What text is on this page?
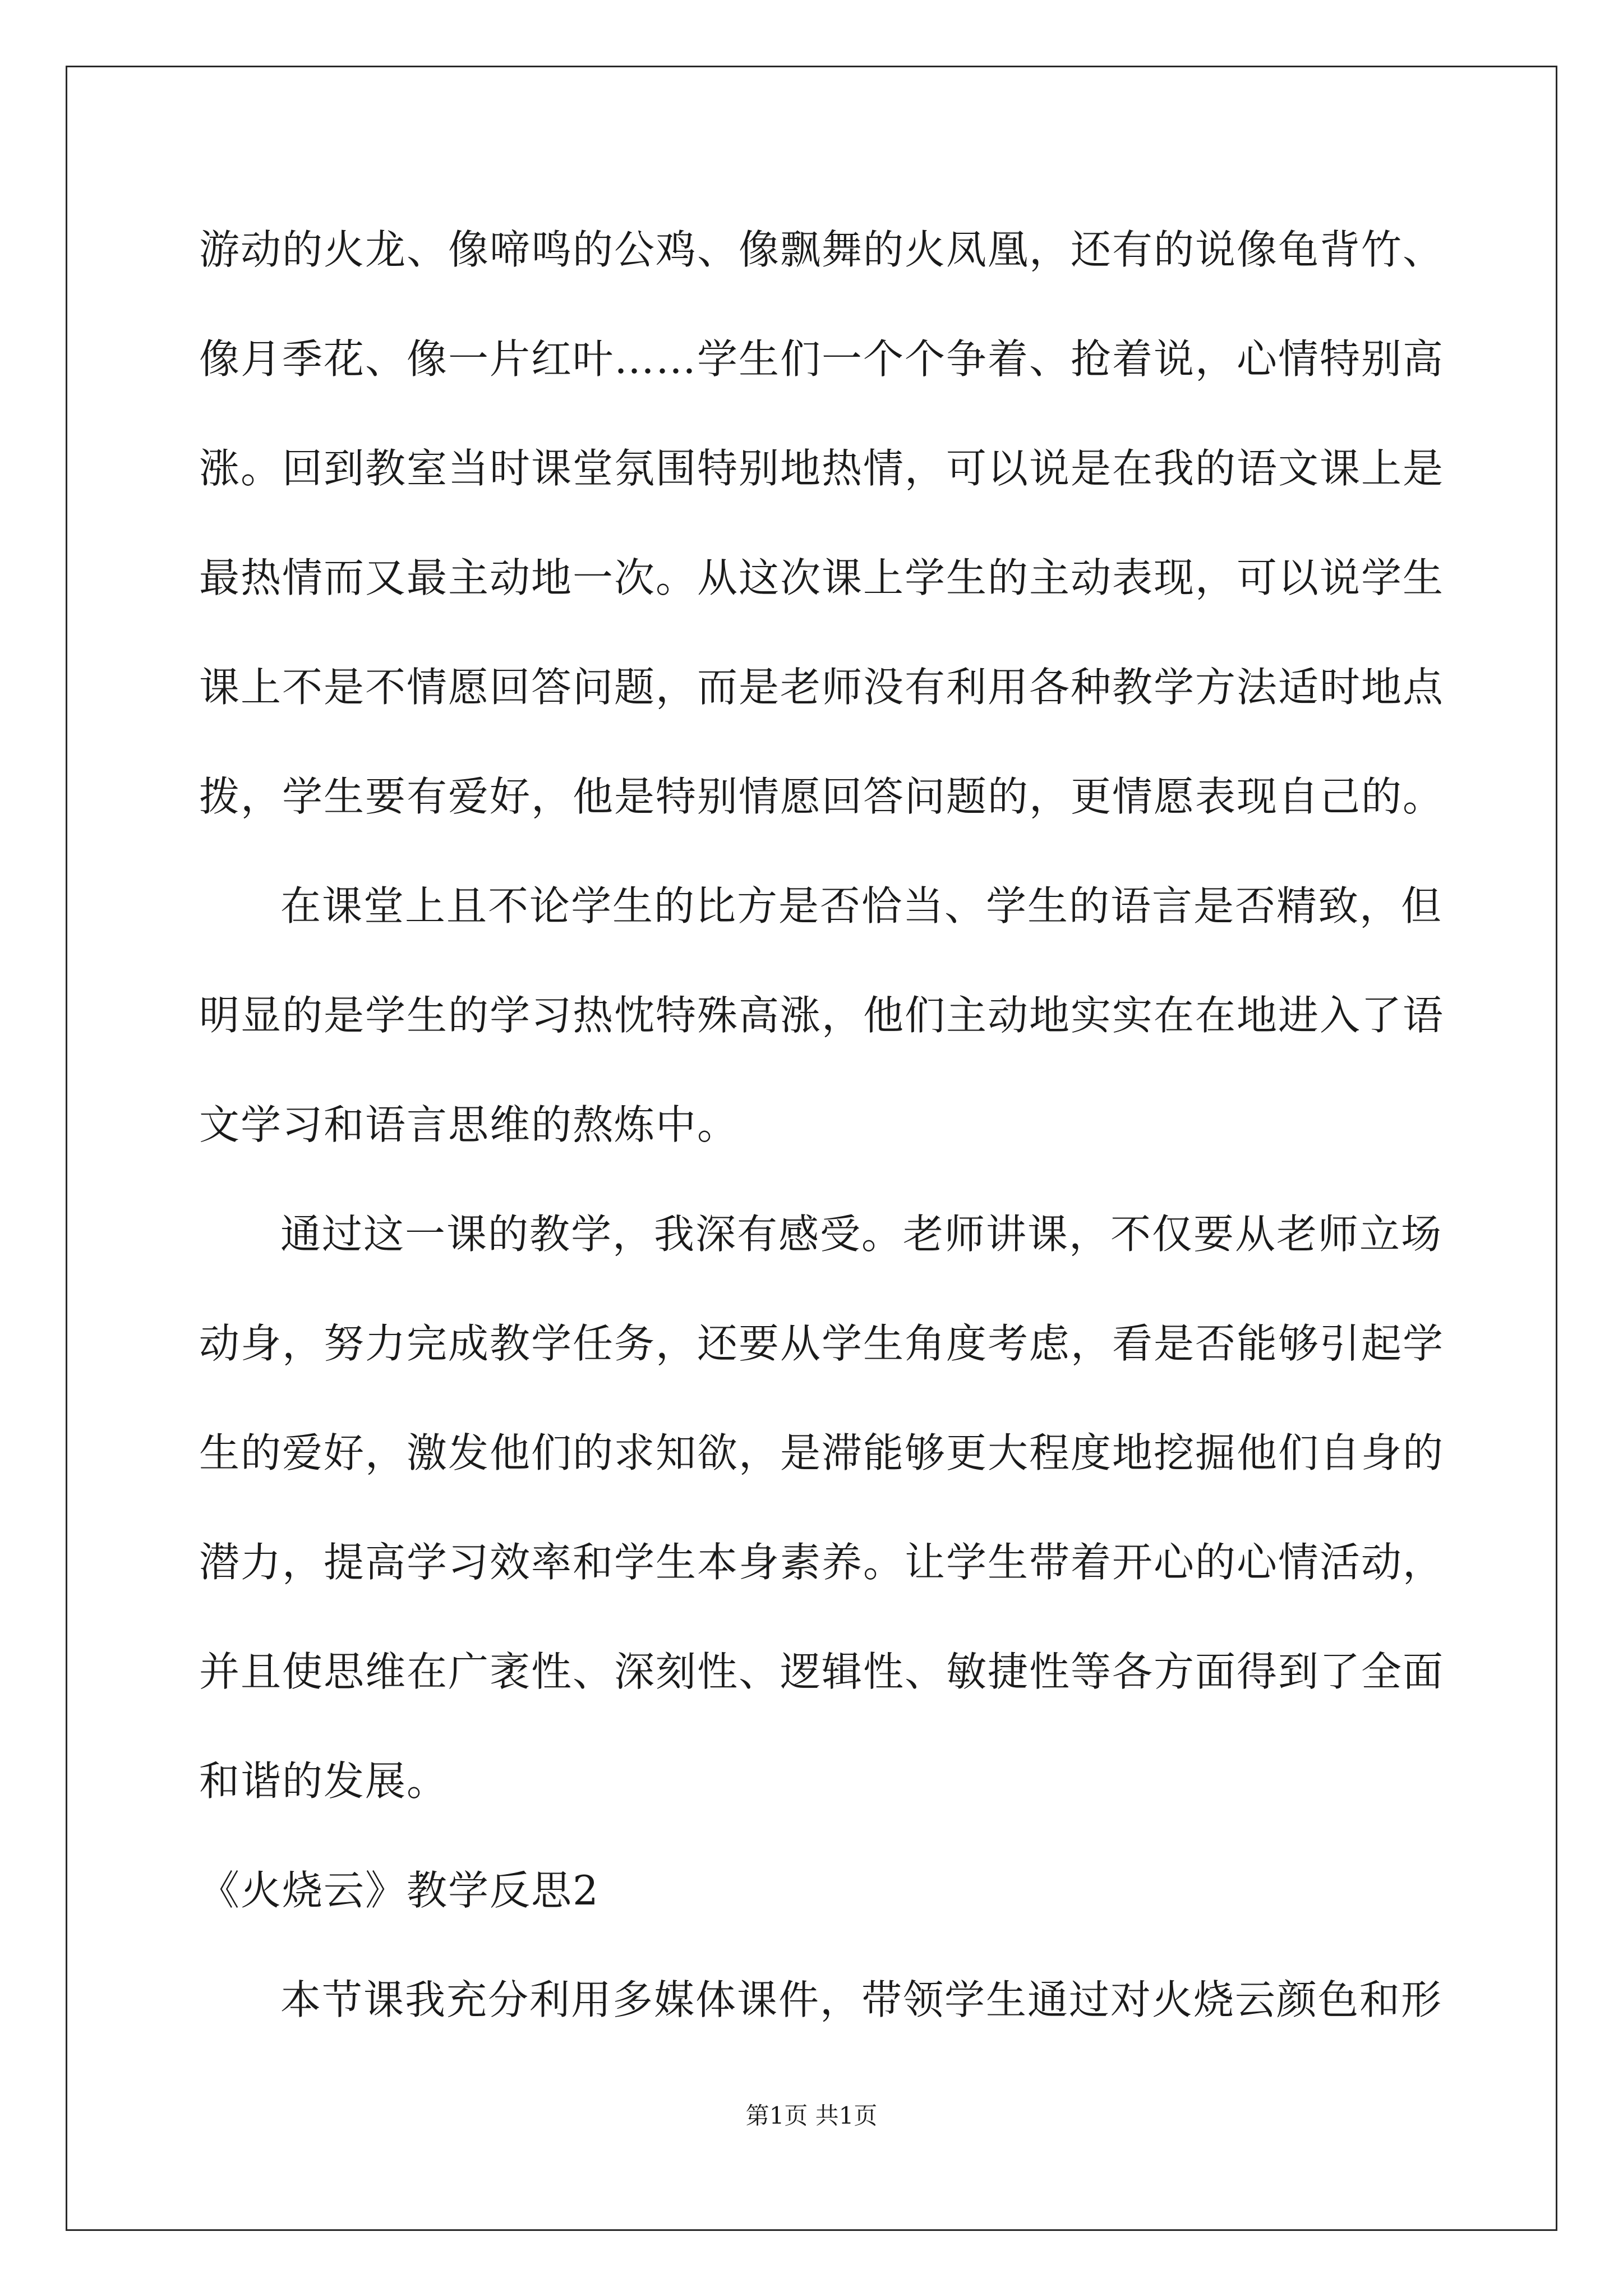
游动的火龙、像啼鸣的公鸡、像飘舞的火凤凰，还有的说像龟背竹、
像月季花、像一片红叶……学生们一个个争着、抢着说，心情特别高
涨。回到教室当时课堂氛围特别地热情，可以说是在我的语文课上是
最热情而又最主动地一次。从这次课上学生的主动表现，可以说学生
课上不是不情愿回答问题，而是老师没有利用各种教学方法适时地点
拨，学生要有爱好，他是特别情愿回答问题的，更情愿表现自己的。
在课堂上且不论学生的比方是否恰当、学生的语言是否精致，但
明显的是学生的学习热忱特殊高涨，他们主动地实实在在地进入了语
文学习和语言思维的熬炼中。
通过这一课的教学，我深有感受。老师讲课，不仅要从老师立场
动身，努力完成教学任务，还要从学生角度考虑，看是否能够引起学
生的爱好，激发他们的求知欲，是滞能够更大程度地挖掘他们自身的
潜力，提高学习效率和学生本身素养。让学生带着开心的心情活动，
并且使思维在广袤性、深刻性、逻辑性、敏捷性等各方面得到了全面
和谐的发展。
《火烧云》教学反思2
本节课我充分利用多媒体课件，带领学生通过对火烧云颜色和形
第1页 共1页
